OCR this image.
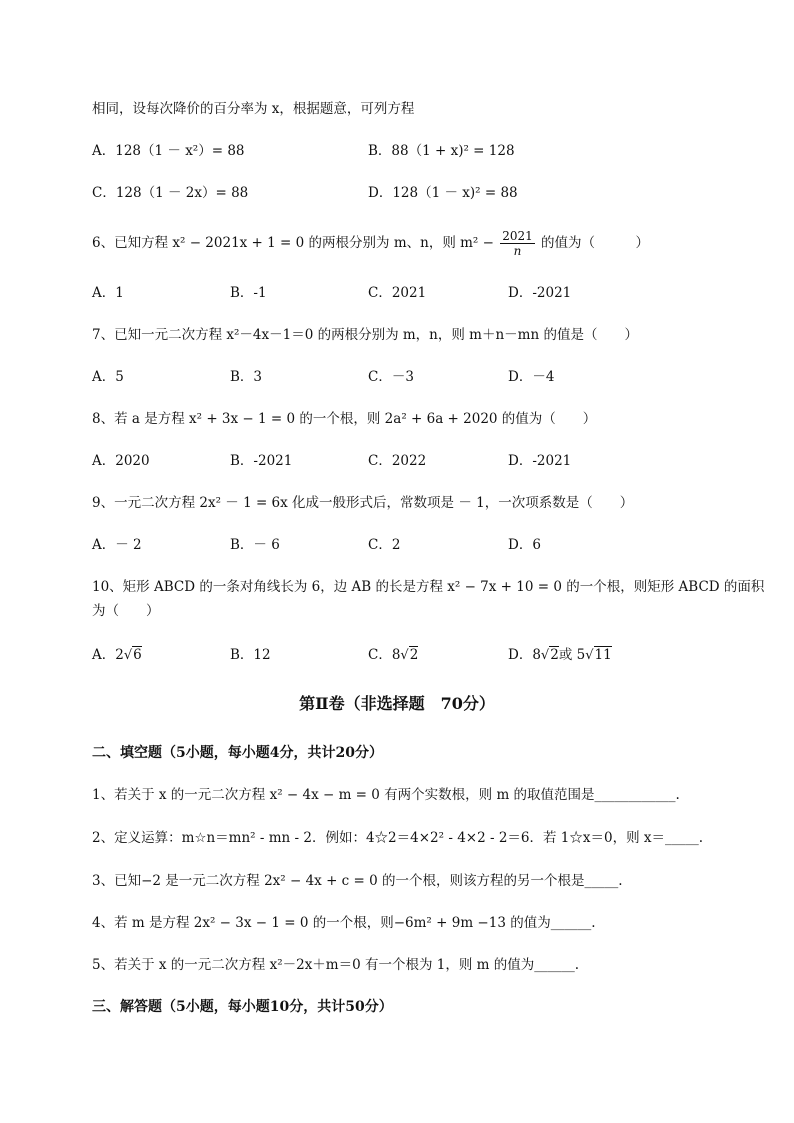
相同，设每次降价的百分率为 x，根据题意，可列方程
A．128（1 － x²）= 88	B．88（1 + x)² = 128
C．128（1 － 2x）= 88	D．128（1 － x)² = 88
6、已知方程 x² − 2021x + 1 = 0 的两根分别为 m、n，则 $m^2 - \frac{2021}{n}$ 的值为（　　　）
A．1	B．-1	C．2021	D．-2021
7、已知一元二次方程 x²－4x－1＝0 的两根分别为 m，n，则 m＋n－mn 的值是（　　）
A．5	B．3	C．－3	D．－4
8、若 a 是方程 x² + 3x − 1 = 0 的一个根，则 2a² + 6a + 2020 的值为（　　）
A．2020	B．-2021	C．2022	D．-2021
9、一元二次方程 2x² － 1 = 6x 化成一般形式后，常数项是 － 1，一次项系数是（　　）
A．－ 2	B．－ 6	C．2	D．6
10、矩形 ABCD 的一条对角线长为 6，边 AB 的长是方程 x² − 7x + 10 = 0 的一个根，则矩形 ABCD 的面积
为（　　）
A．2√6	B．12	C．8√2	D．8√2或 5√11
第Ⅱ卷（非选择题　70分）
二、填空题（5小题，每小题4分，共计20分）
1、若关于 x 的一元二次方程 x² − 4x − m = 0 有两个实数根，则 m 的取值范围是____________.
2、定义运算：m☆n＝mn² - mn - 2．例如：4☆2＝4×2² - 4×2 - 2＝6．若 1☆x＝0，则 x＝_____.
3、已知−2 是一元二次方程 2x² − 4x + c = 0 的一个根，则该方程的另一个根是_____.
4、若 m 是方程 2x² − 3x − 1 = 0 的一个根，则−6m² + 9m −13 的值为______.
5、若关于 x 的一元二次方程 x²－2x＋m＝0 有一个根为 1，则 m 的值为______.
三、解答题（5小题，每小题10分，共计50分）
